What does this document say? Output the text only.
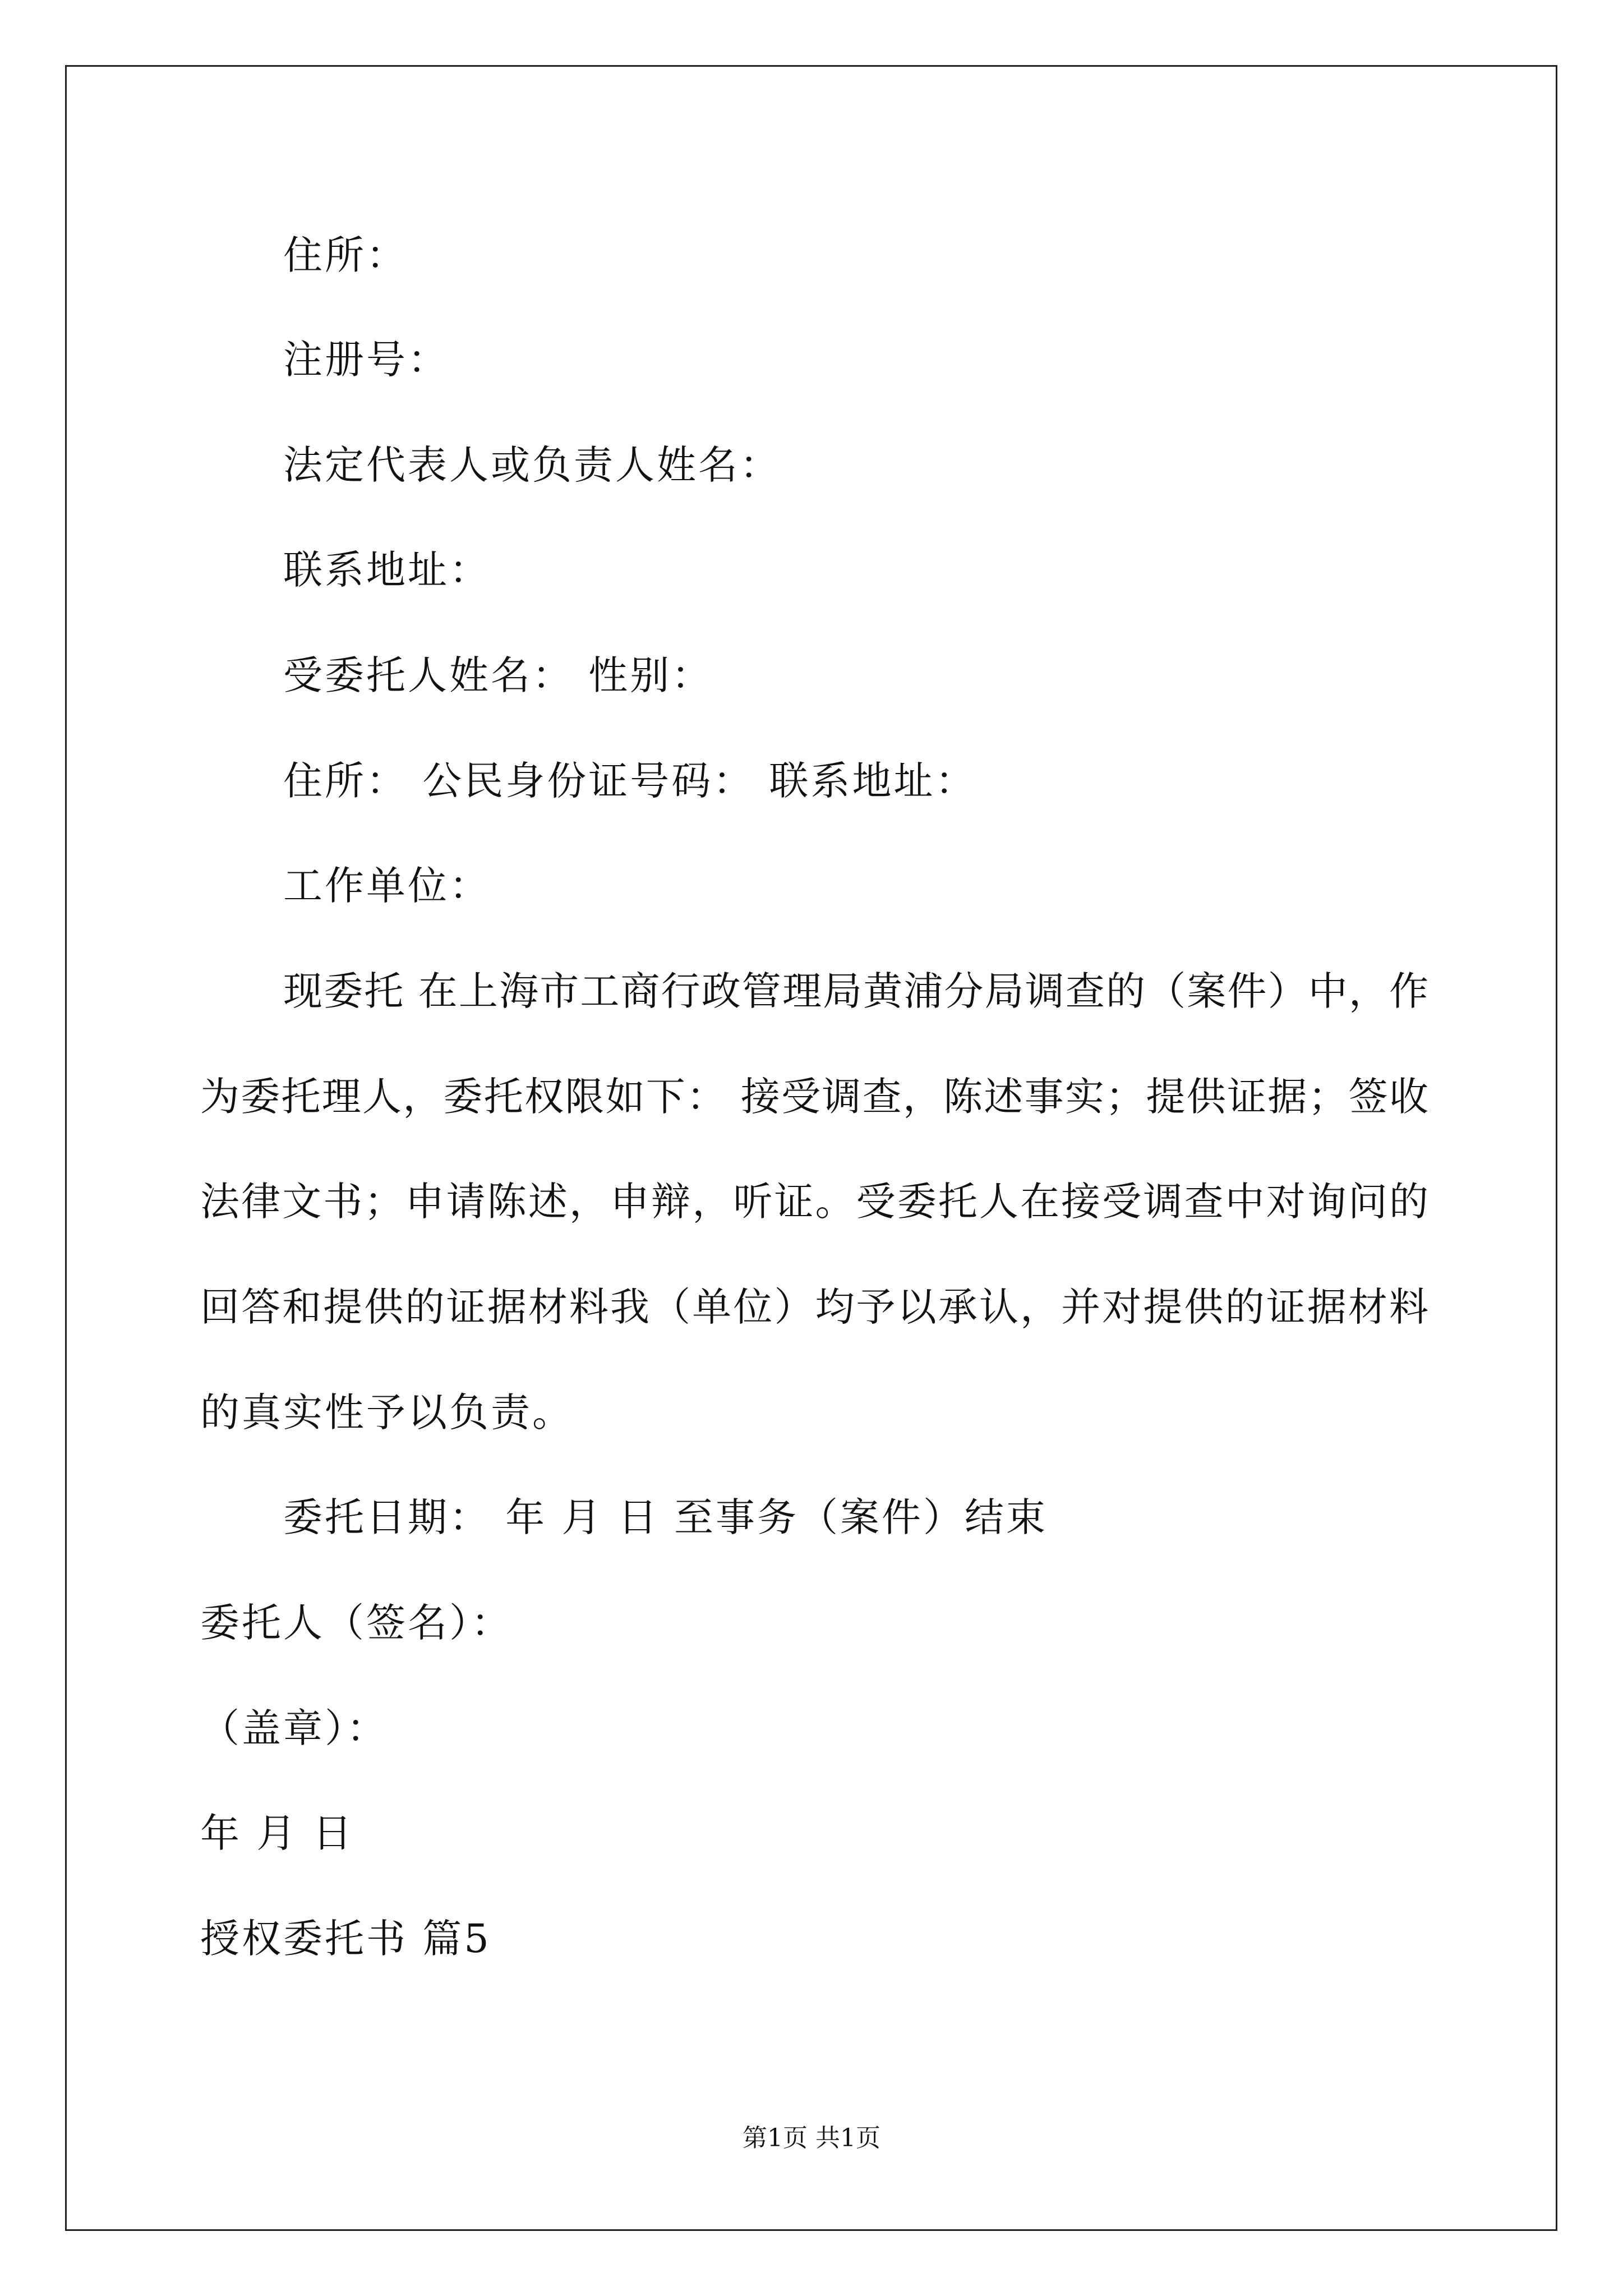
住所：
注册号：
法定代表人或负责人姓名：
联系地址：
受委托人姓名： 性别：
住所： 公民身份证号码： 联系地址：
工作单位：
现委托 在上海市工商行政管理局黄浦分局调查的（案件）中，作
为委托理人，委托权限如下： 接受调查，陈述事实；提供证据；签收
法律文书；申请陈述，申辩，听证。受委托人在接受调查中对询问的
回答和提供的证据材料我（单位）均予以承认，并对提供的证据材料
的真实性予以负责。
委托日期： 年 月 日 至事务（案件）结束
委托人（签名）：
（盖章）：
年 月 日
授权委托书 篇5
第1页 共1页
